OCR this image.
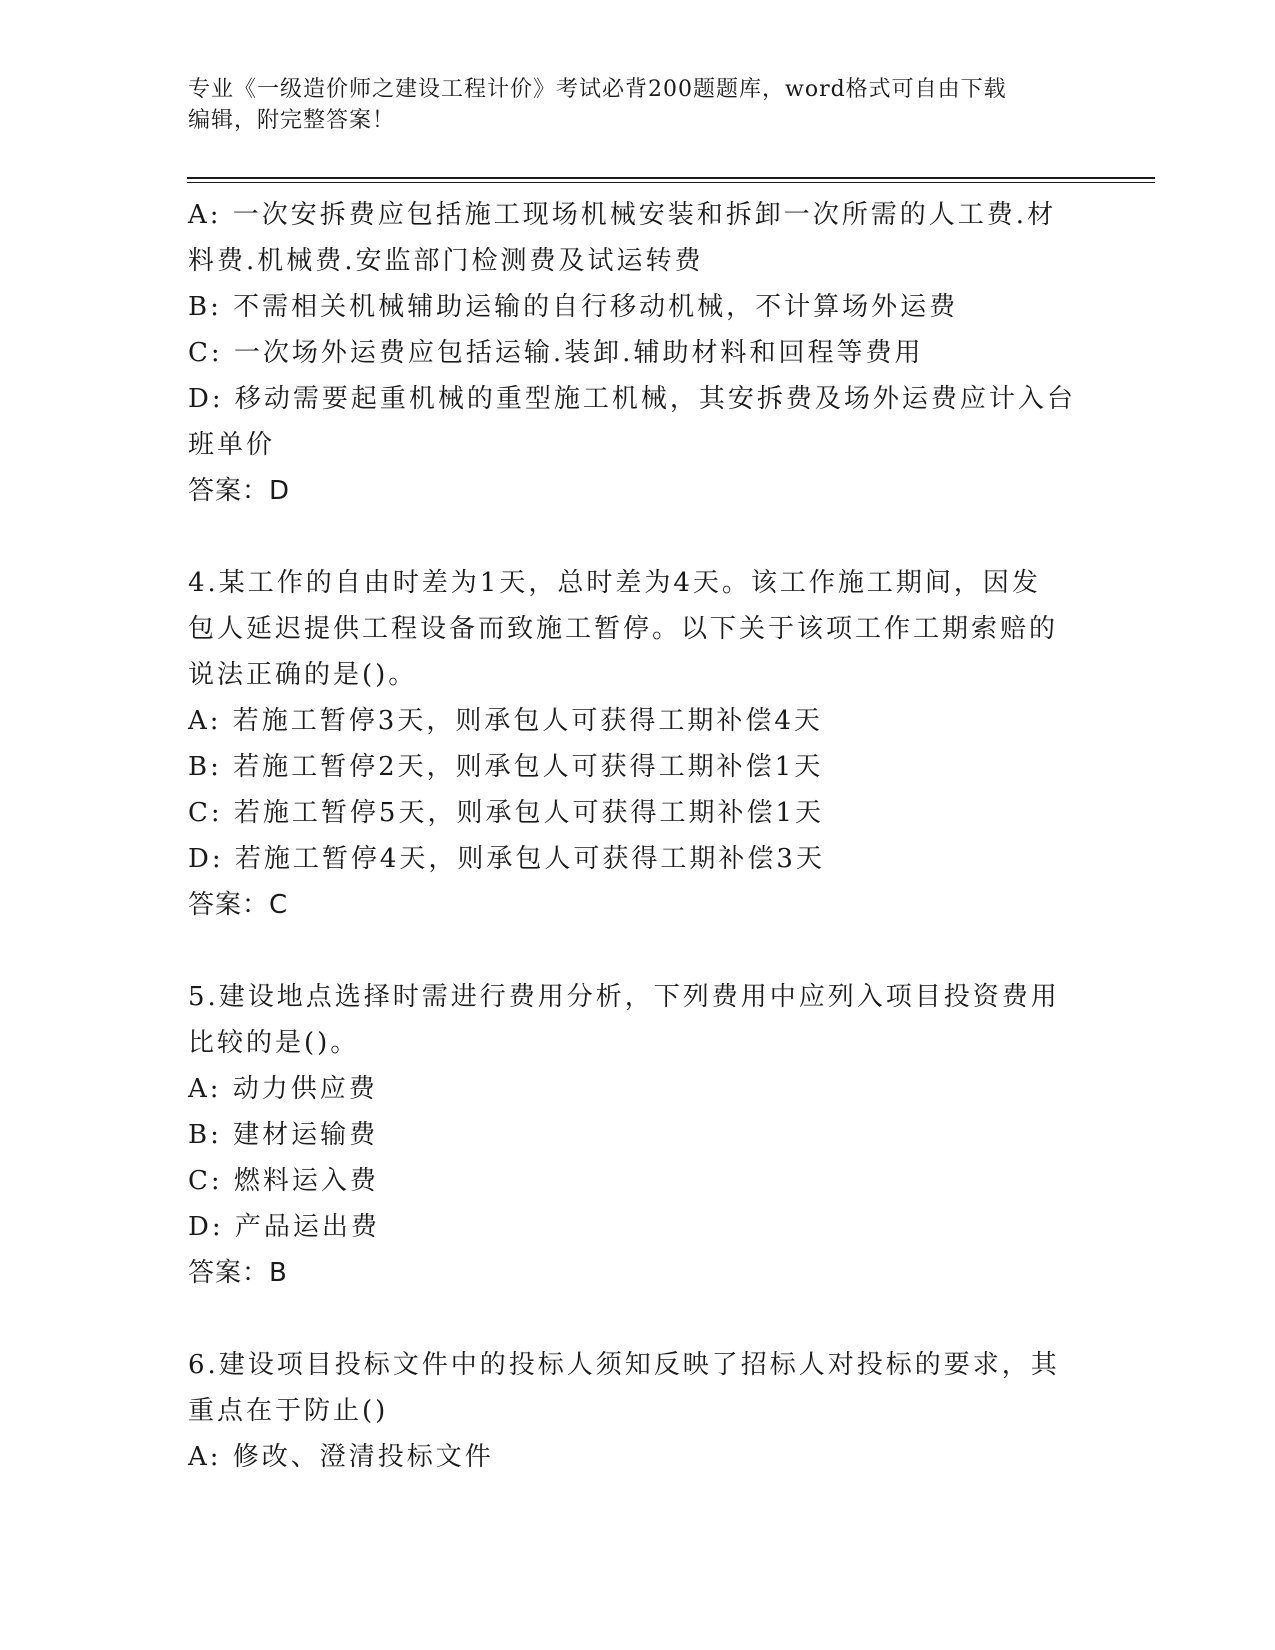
专业《一级造价师之建设工程计价》考试必背200题题库，word格式可自由下载
编辑，附完整答案！
A: 一次安拆费应包括施工现场机械安装和拆卸一次所需的人工费.材
料费.机械费.安监部门检测费及试运转费
B: 不需相关机械辅助运输的自行移动机械，不计算场外运费
C: 一次场外运费应包括运输.装卸.辅助材料和回程等费用
D: 移动需要起重机械的重型施工机械，其安拆费及场外运费应计入台
班单价
答案：D
4.某工作的自由时差为1天，总时差为4天。该工作施工期间，因发
包人延迟提供工程设备而致施工暂停。以下关于该项工作工期索赔的
说法正确的是()。
A: 若施工暂停3天，则承包人可获得工期补偿4天
B: 若施工暂停2天，则承包人可获得工期补偿1天
C: 若施工暂停5天，则承包人可获得工期补偿1天
D: 若施工暂停4天，则承包人可获得工期补偿3天
答案：C
5.建设地点选择时需进行费用分析，下列费用中应列入项目投资费用
比较的是()。
A: 动力供应费
B: 建材运输费
C: 燃料运入费
D: 产品运出费
答案：B
6.建设项目投标文件中的投标人须知反映了招标人对投标的要求，其
重点在于防止()
A: 修改、澄清投标文件
